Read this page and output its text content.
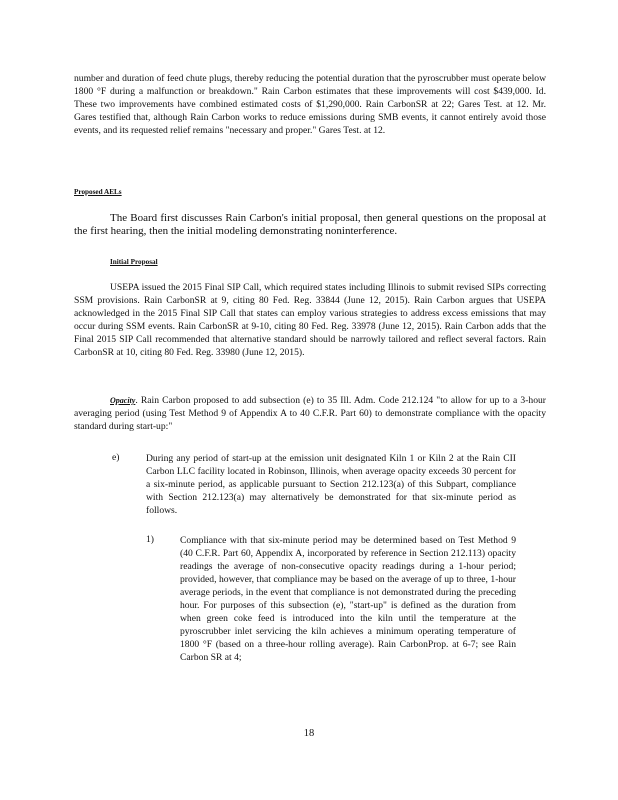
number and duration of feed chute plugs, thereby reducing the potential duration that the pyroscrubber must operate below 1800 °F during a malfunction or breakdown." Rain Carbon estimates that these improvements will cost $439,000. Id. These two improvements have combined estimated costs of $1,290,000. Rain CarbonSR at 22; Gares Test. at 12. Mr. Gares testified that, although Rain Carbon works to reduce emissions during SMB events, it cannot entirely avoid those events, and its requested relief remains "necessary and proper." Gares Test. at 12.

Proposed AELs

The Board first discusses Rain Carbon's initial proposal, then general questions on the proposal at the first hearing, then the initial modeling demonstrating noninterference.

Initial Proposal

USEPA issued the 2015 Final SIP Call, which required states including Illinois to submit revised SIPs correcting SSM provisions. Rain CarbonSR at 9, citing 80 Fed. Reg. 33844 (June 12, 2015). Rain Carbon argues that USEPA acknowledged in the 2015 Final SIP Call that states can employ various strategies to address excess emissions that may occur during SSM events. Rain CarbonSR at 9-10, citing 80 Fed. Reg. 33978 (June 12, 2015). Rain Carbon adds that the Final 2015 SIP Call recommended that alternative standard should be narrowly tailored and reflect several factors. Rain CarbonSR at 10, citing 80 Fed. Reg. 33980 (June 12, 2015).

Opacity. Rain Carbon proposed to add subsection (e) to 35 Ill. Adm. Code 212.124 "to allow for up to a 3-hour averaging period (using Test Method 9 of Appendix A to 40 C.F.R. Part 60) to demonstrate compliance with the opacity standard during start-up:"

e)	During any period of start-up at the emission unit designated Kiln 1 or Kiln 2 at the Rain CII Carbon LLC facility located in Robinson, Illinois, when average opacity exceeds 30 percent for a six-minute period, as applicable pursuant to Section 212.123(a) of this Subpart, compliance with Section 212.123(a) may alternatively be demonstrated for that six-minute period as follows.

1)	Compliance with that six-minute period may be determined based on Test Method 9 (40 C.F.R. Part 60, Appendix A, incorporated by reference in Section 212.113) opacity readings the average of non-consecutive opacity readings during a 1-hour period; provided, however, that compliance may be based on the average of up to three, 1-hour average periods, in the event that compliance is not demonstrated during the preceding hour. For purposes of this subsection (e), "start-up" is defined as the duration from when green coke feed is introduced into the kiln until the temperature at the pyroscrubber inlet servicing the kiln achieves a minimum operating temperature of 1800 °F (based on a three-hour rolling average). Rain CarbonProp. at 6-7; see Rain Carbon SR at 4;

18
